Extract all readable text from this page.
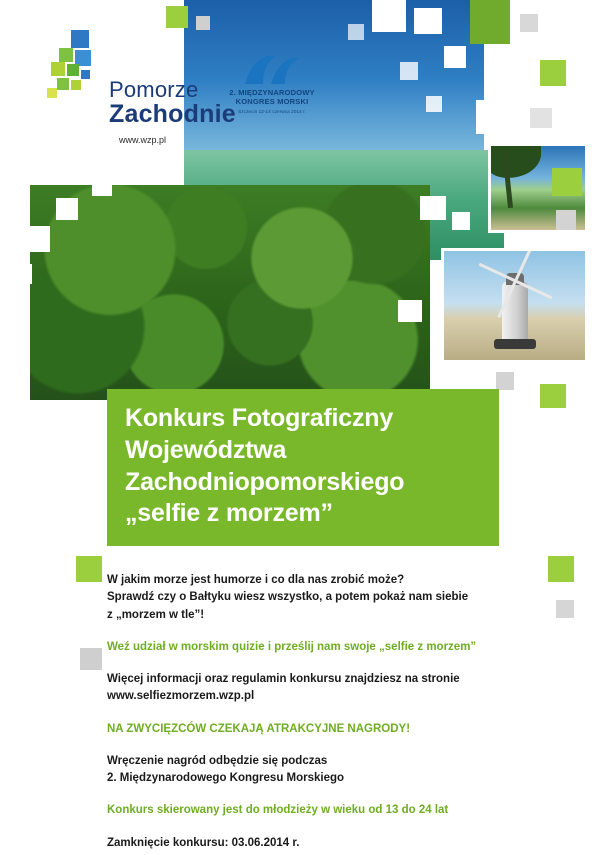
Pomorze
Zachodnie
www.wzp.pl
2. MIĘDZYNARODOWY
KONGRES MORSKI
Szczecin 12-14 czerwca 2014 r.
Konkurs Fotograficzny
Województwa
Zachodniopomorskiego
„selfie z morzem”
W jakim morze jest humorze i co dla nas zrobić może?
Sprawdź czy o Bałtyku wiesz wszystko, a potem pokaż nam siebie
z „morzem w tle”!
Weź udział w morskim quizie i prześlij nam swoje „selfie z morzem”
Więcej informacji oraz regulamin konkursu znajdziesz na stronie
www.selfiezmorzem.wzp.pl
NA ZWYCIĘZCÓW CZEKAJĄ ATRAKCYJNE NAGRODY!
Wręczenie nagród odbędzie się podczas
2. Międzynarodowego Kongresu Morskiego
Konkurs skierowany jest do młodzieży w wieku od 13 do 24 lat
Zamknięcie konkursu: 03.06.2014 r.
